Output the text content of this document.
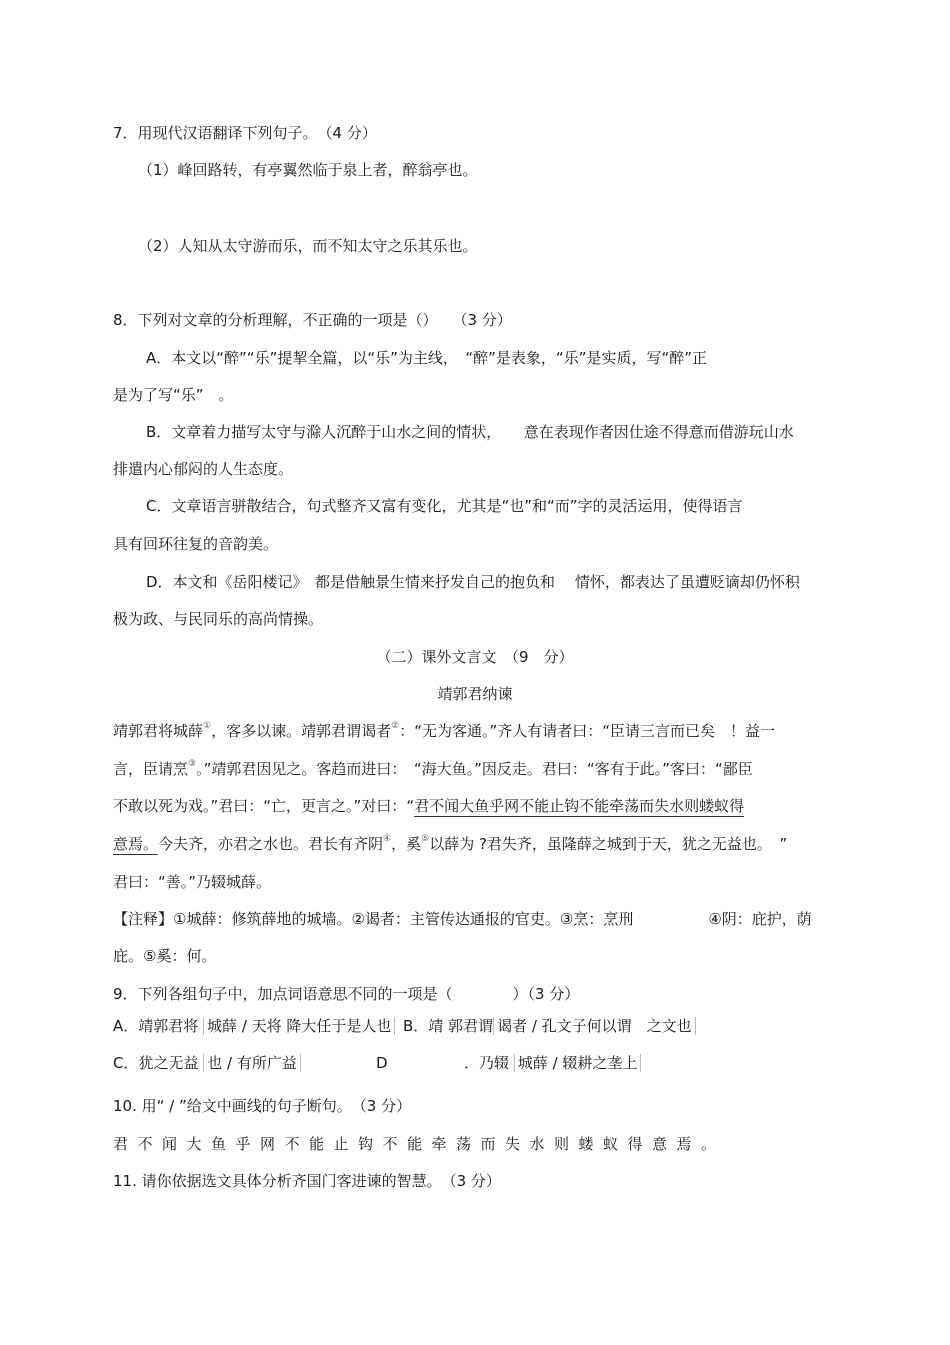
7．用现代汉语翻译下列句子。　（4 分）
（1）峰回路转，有亭翼然临于泉上者，醉翁亭也。
（2）人知从太守游而乐，而不知太守之乐其乐也。
8．下列对文章的分析理解，不正确的一项是（）　　（3 分）
A．本文以“醉”“乐”提挈全篇，以“乐”为主线，　“醉”是表象，“乐”是实质，写“醉”正
是为了写“乐”　。
B．文章着力描写太守与滁人沉醉于山水之间的情状，　　意在表现作者因仕途不得意而借游玩山水
排遣内心郁闷的人生态度。
C．文章语言骈散结合，句式整齐又富有变化，尤其是“也”和“而”字的灵活运用，使得语言
具有回环往复的音韵美。
D．本文和《岳阳楼记》　都是借触景生情来抒发自己的抱负和　 情怀，都表达了虽遭贬谪却仍怀积
极为政、与民同乐的高尚情操。
（二）课外文言文　（9　分）
靖郭君纳谏
靖郭君将城薛①，客多以谏。靖郭君谓谒者②：“无为客通。”齐人有请者曰：“臣请三言而已矣　！益一
言，臣请烹③。”靖郭君因见之。客趋而进曰：　“海大鱼。”因反走。君曰：“客有于此。”客曰：“鄙臣
不敢以死为戏。”君曰：“亡，更言之。”对曰：“君不闻大鱼乎网不能止钩不能牵荡而失水则蝼蚁得
意焉。今夫齐，亦君之水也。君长有齐阴④，奚⑤以薛为 ?君失齐，虽隆薛之城到于天，犹之无益也。　”
君曰：“善。”乃辍城薛。
【注释】①城薛：修筑薛地的城墙。②谒者：主管传达通报的官吏。③烹：烹刑　　　　　④阴：庇护，荫
庇。⑤奚：何。
9．下列各组句子中，加点词语意思不同的一项是（　　　　）（3 分）
A．靖郭君将 城薛 / 天将 降大任于是人也 B．靖 郭君谓 谒者 / 孔文子何以谓　之文也
C．犹之无益 也 / 有所广益	D	．乃辍 城薛 / 辍耕之垄上
10. 用“ / ”给文中画线的句子断句。　（3 分）
君不闻大鱼乎网不能止钩不能牵荡而失水则蝼蚁得意焉。
11. 请你依据选文具体分析齐国门客进谏的智慧。　（3 分）
